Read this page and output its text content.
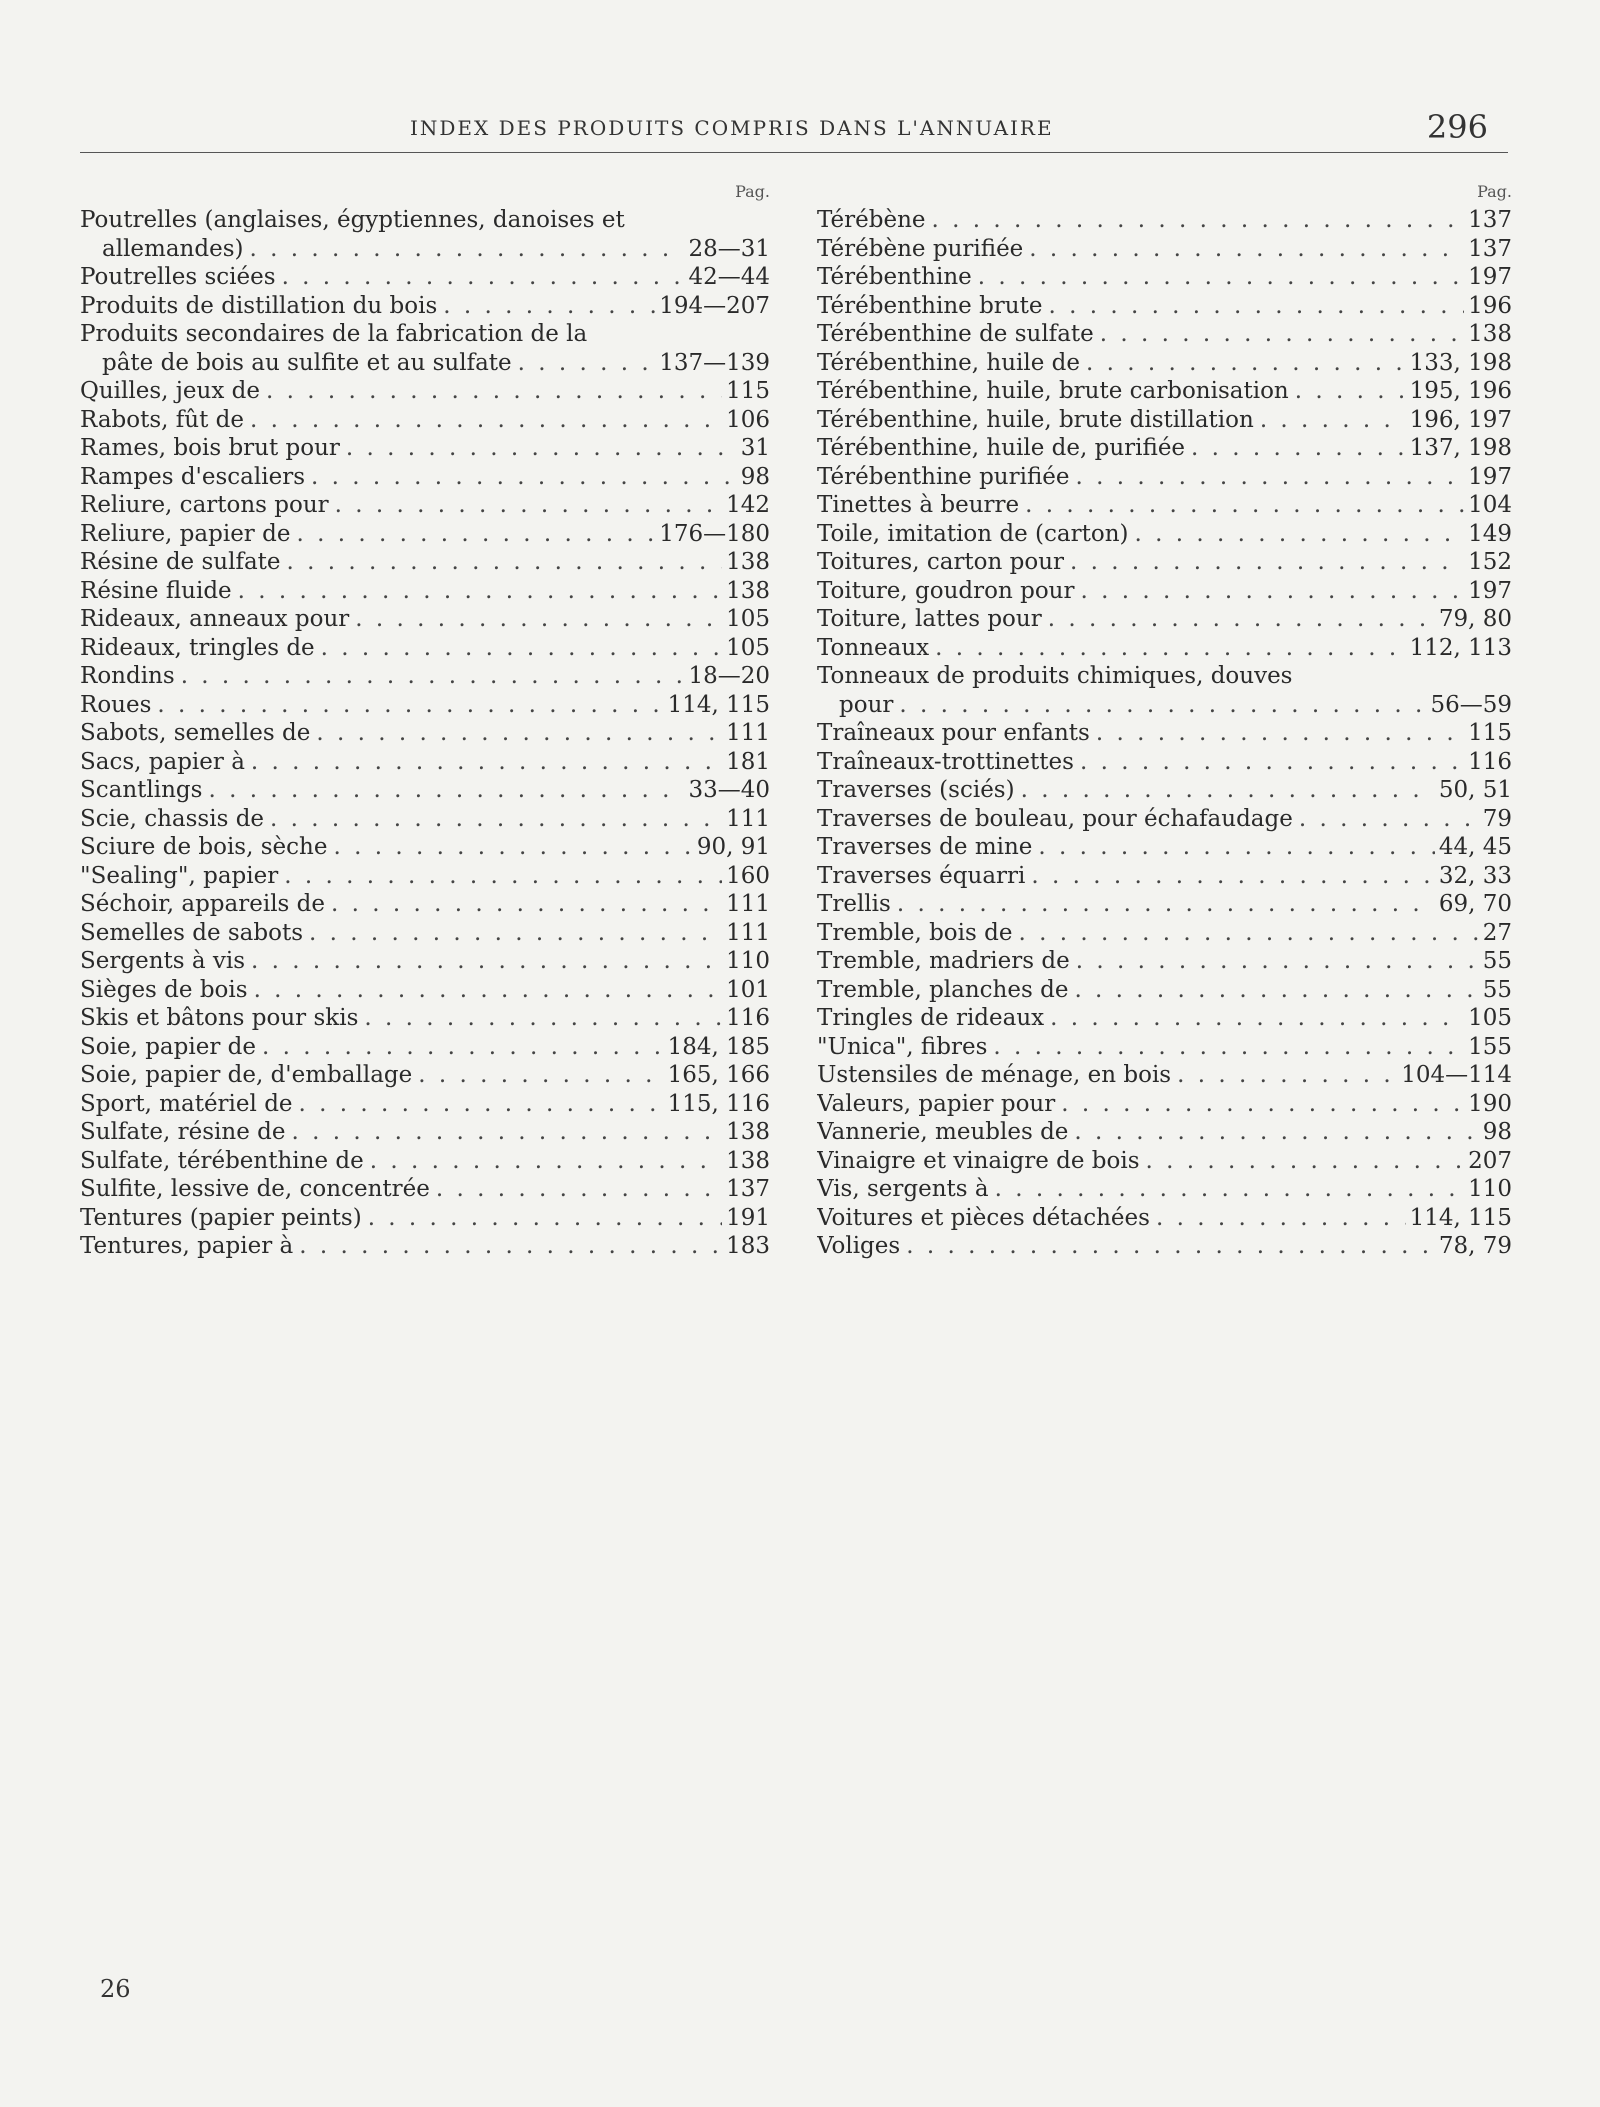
INDEX DES PRODUITS COMPRIS DANS L'ANNUAIRE	296
Pag.
Poutrelles (anglaises, égyptiennes, danoises et
allemandes) . . .	28—31
Poutrelles sciées . . .	42—44
Produits de distillation du bois . . .	194—207
Produits secondaires de la fabrication de la
pâte de bois au sulfite et au sulfate . . .	137—139
Quilles, jeux de . . .	115
Rabots, fût de . . .	106
Rames, bois brut pour . . .	31
Rampes d'escaliers . . .	98
Reliure, cartons pour . . .	142
Reliure, papier de . . .	176—180
Résine de sulfate . . .	138
Résine fluide . . .	138
Rideaux, anneaux pour . . .	105
Rideaux, tringles de . . .	105
Rondins . . .	18—20
Roues . . .	114, 115
Sabots, semelles de . . .	111
Sacs, papier à . . .	181
Scantlings . . .	33—40
Scie, chassis de . . .	111
Sciure de bois, sèche . . .	90, 91
"Sealing", papier . . .	160
Séchoir, appareils de . . .	111
Semelles de sabots . . .	111
Sergents à vis . . .	110
Sièges de bois . . .	101
Skis et bâtons pour skis . . .	116
Soie, papier de . . .	184, 185
Soie, papier de, d'emballage . . .	165, 166
Sport, matériel de . . .	115, 116
Sulfate, résine de . . .	138
Sulfate, térébenthine de . . .	138
Sulfite, lessive de, concentrée . . .	137
Tentures (papier peints) . . .	191
Tentures, papier à . . .	183
Pag.
Térébène . . .	137
Térébène purifiée . . .	137
Térébenthine . . .	197
Térébenthine brute . . .	196
Térébenthine de sulfate . . .	138
Térébenthine, huile de . . .	133, 198
Térébenthine, huile, brute carbonisation . . .	195, 196
Térébenthine, huile, brute distillation . . .	196, 197
Térébenthine, huile de, purifiée . . .	137, 198
Térébenthine purifiée . . .	197
Tinettes à beurre . . .	104
Toile, imitation de (carton) . . .	149
Toitures, carton pour . . .	152
Toiture, goudron pour . . .	197
Toiture, lattes pour . . .	79, 80
Tonneaux . . .	112, 113
Tonneaux de produits chimiques, douves
pour . . .	56—59
Traîneaux pour enfants . . .	115
Traîneaux-trottinettes . . .	116
Traverses (sciés) . . .	50, 51
Traverses de bouleau, pour échafaudage . . .	79
Traverses de mine . . .	44, 45
Traverses équarri . . .	32, 33
Trellis . . .	69, 70
Tremble, bois de . . .	27
Tremble, madriers de . . .	55
Tremble, planches de . . .	55
Tringles de rideaux . . .	105
"Unica", fibres . . .	155
Ustensiles de ménage, en bois . . .	104—114
Valeurs, papier pour . . .	190
Vannerie, meubles de . . .	98
Vinaigre et vinaigre de bois . . .	207
Vis, sergents à . . .	110
Voitures et pièces détachées . . .	114, 115
Voliges . . .	78, 79
26
